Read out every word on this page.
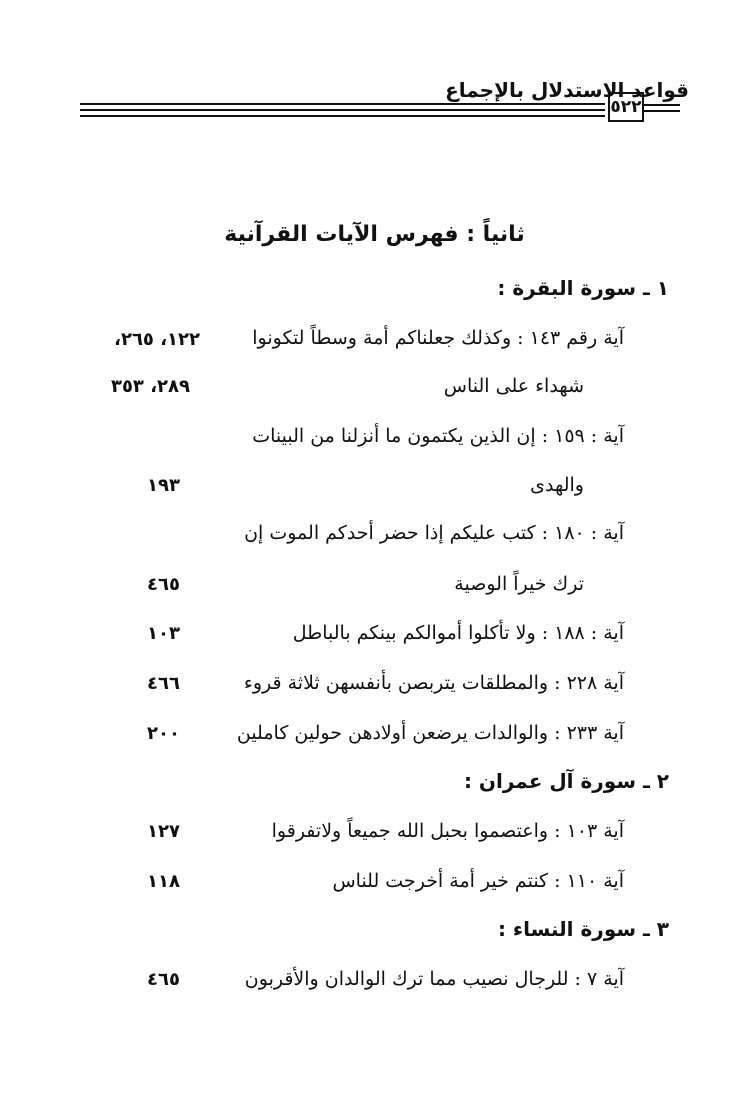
قواعد الاستدلال بالإجماع
٥٢٢
ثانياً : فهرس الآيات القرآنية
١ ـ سورة البقرة :
آية رقم ١٤٣ : وكذلك جعلناكم أمة وسطاً لتكونوا
١٢٢، ٢٦٥،
شهداء على الناس
٢٨٩، ٣٥٣
آية : ١٥٩ : إن الذين يكتمون ما أنزلنا من البينات
والهدى
١٩٣
آية : ١٨٠ : كتب عليكم إذا حضر أحدكم الموت إن
ترك خيراً الوصية
٤٦٥
آية : ١٨٨ : ولا تأكلوا أموالكم بينكم بالباطل
١٠٣
آية ٢٢٨ : والمطلقات يتربصن بأنفسهن ثلاثة قروء
٤٦٦
آية ٢٣٣ : والوالدات يرضعن أولادهن حولين كاملين
٢٠٠
٢ ـ سورة آل عمران :
آية ١٠٣ : واعتصموا بحبل الله جميعاً ولاتفرقوا
١٢٧
آية ١١٠ : كنتم خير أمة أخرجت للناس
١١٨
٣ ـ سورة النساء :
آية ٧ : للرجال نصيب مما ترك الوالدان والأقربون
٤٦٥
